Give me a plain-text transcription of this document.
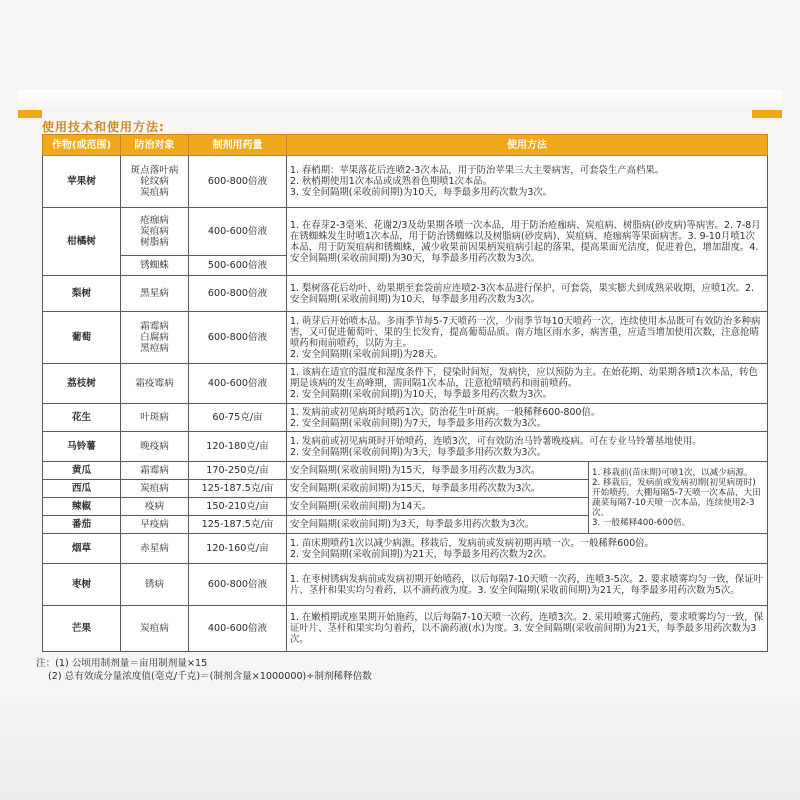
使用技术和使用方法:
作物(或范围)	防治对象	制剂用药量	使用方法	
苹果树	斑点落叶病
轮纹病
炭疽病	600-800倍液	1. 春梢期：苹果落花后连喷2-3次本品，用于防治苹果三大主要病害，可套袋生产高档果。
2. 秋梢期使用1次本品或成熟着色期喷1次本品。
3. 安全间隔期(采收前间期)为10天，每季最多用药次数为3次。	
柑橘树	疮痂病
炭疽病
树脂病	400-600倍液	1. 在春芽2-3毫米、花谢2/3及幼果期各喷一次本品，用于防治疮痂病、炭疽病、树脂病(砂皮病)等病害。2. 7-8月在锈蜘蛛发生时喷1次本品，用于防治锈蜘蛛以及树脂病(砂皮病)、炭疽病、疮痂病等果面病害。3. 9-10月喷1次本品，用于防炭疽病和锈蜘蛛，减少收果前因果柄炭疽病引起的落果，提高果面光洁度，促进着色，增加甜度。4. 安全间隔期(采收前间期)为30天，每季最多用药次数为3次。	
	锈蜘蛛	500-600倍液		
梨树	黑星病	600-800倍液	1. 梨树落花后幼叶、幼果期至套袋前应连喷2-3次本品进行保护，可套袋，果实膨大到成熟采收期，应喷1次。2. 安全间隔期(采收前间期)为10天，每季最多用药次数为3次。	
葡萄	霜霉病
白腐病
黑痘病	600-800倍液	1. 萌芽后开始喷本品。多雨季节每5-7天喷药一次，少雨季节每10天喷药一次，连续使用本品既可有效防治多种病害，又可促进葡萄叶、果的生长发育，提高葡萄品质。南方地区雨水多，病害重，应适当增加使用次数，注意抢晴喷药和雨前喷药，以防为主。
2. 安全间隔期(采收前间期)为28天。	
荔枝树	霜疫霉病	400-600倍液	1. 该病在适宜的温度和湿度条件下，侵染时间短，发病快，应以预防为主。在始花期、幼果期各喷1次本品，转色期是该病的发生高峰期，需间隔1次本品，注意抢晴喷药和雨前喷药。
2. 安全间隔期(采收前间期)为10天，每季最多用药次数为3次。	
花生	叶斑病	60-75克/亩	1. 发病前或初见病斑时喷药1次，防治花生叶斑病。一般稀释600-800倍。
2. 安全间隔期(采收前间期)为7天，每季最多用药次数为3次。	
马铃薯	晚疫病	120-180克/亩	1. 发病前或初见病斑时开始喷药，连喷3次，可有效防治马铃薯晚疫病。可在专业马铃薯基地使用。
2. 安全间隔期(采收前间期)为3天，每季最多用药次数为3次。	
黄瓜	霜霉病	170-250克/亩	安全间隔期(采收前间期)为15天，每季最多用药次数为3次。	1. 移栽前(苗床期)可喷1次，以减少病源。
2. 移栽后，发病前或发病初期(初见病斑时)开始喷药。大棚每隔5-7天喷一次本品，大田蔬菜每隔7-10天喷一次本品，连续使用2-3次。
3. 一般稀释400-600倍。
西瓜	炭疽病	125-187.5克/亩	安全间隔期(采收前间期)为15天，每季最多用药次数为3次。	
辣椒	疫病	150-210克/亩	安全间隔期(采收前间期)为14天。	
番茄	早疫病	125-187.5克/亩	安全间隔期(采收前间期)为3天，每季最多用药次数为3次。	
烟草	赤星病	120-160克/亩	1. 苗床期喷药1次以减少病源。移栽后，发病前或发病初期再喷一次。一般稀释600倍。
2. 安全间隔期(采收前间期)为21天，每季最多用药次数为2次。	
枣树	锈病	600-800倍液	1. 在枣树锈病发病前或发病初期开始喷药，以后每隔7-10天喷一次药，连喷3-5次。2. 要求喷雾均匀一致，保证叶片、茎杆和果实均匀着药，以不滴药液为度。3. 安全间隔期(采收前间期)为21天，每季最多用药次数为5次。	
芒果	炭疽病	400-600倍液	1. 在嫩梢期或座果期开始施药，以后每隔7-10天喷一次药，连喷3次。2. 采用喷雾式施药，要求喷雾均匀一致，保证叶片、茎杆和果实均匀着药，以不滴药液(水)为度。3. 安全间隔期(采收前间期)为21天，每季最多用药次数为3次。	
注：(1) 公顷用制剂量＝亩用制剂量×15
(2) 总有效成分量浓度值(毫克/千克)＝(制剂含量×1000000)÷制剂稀释倍数
